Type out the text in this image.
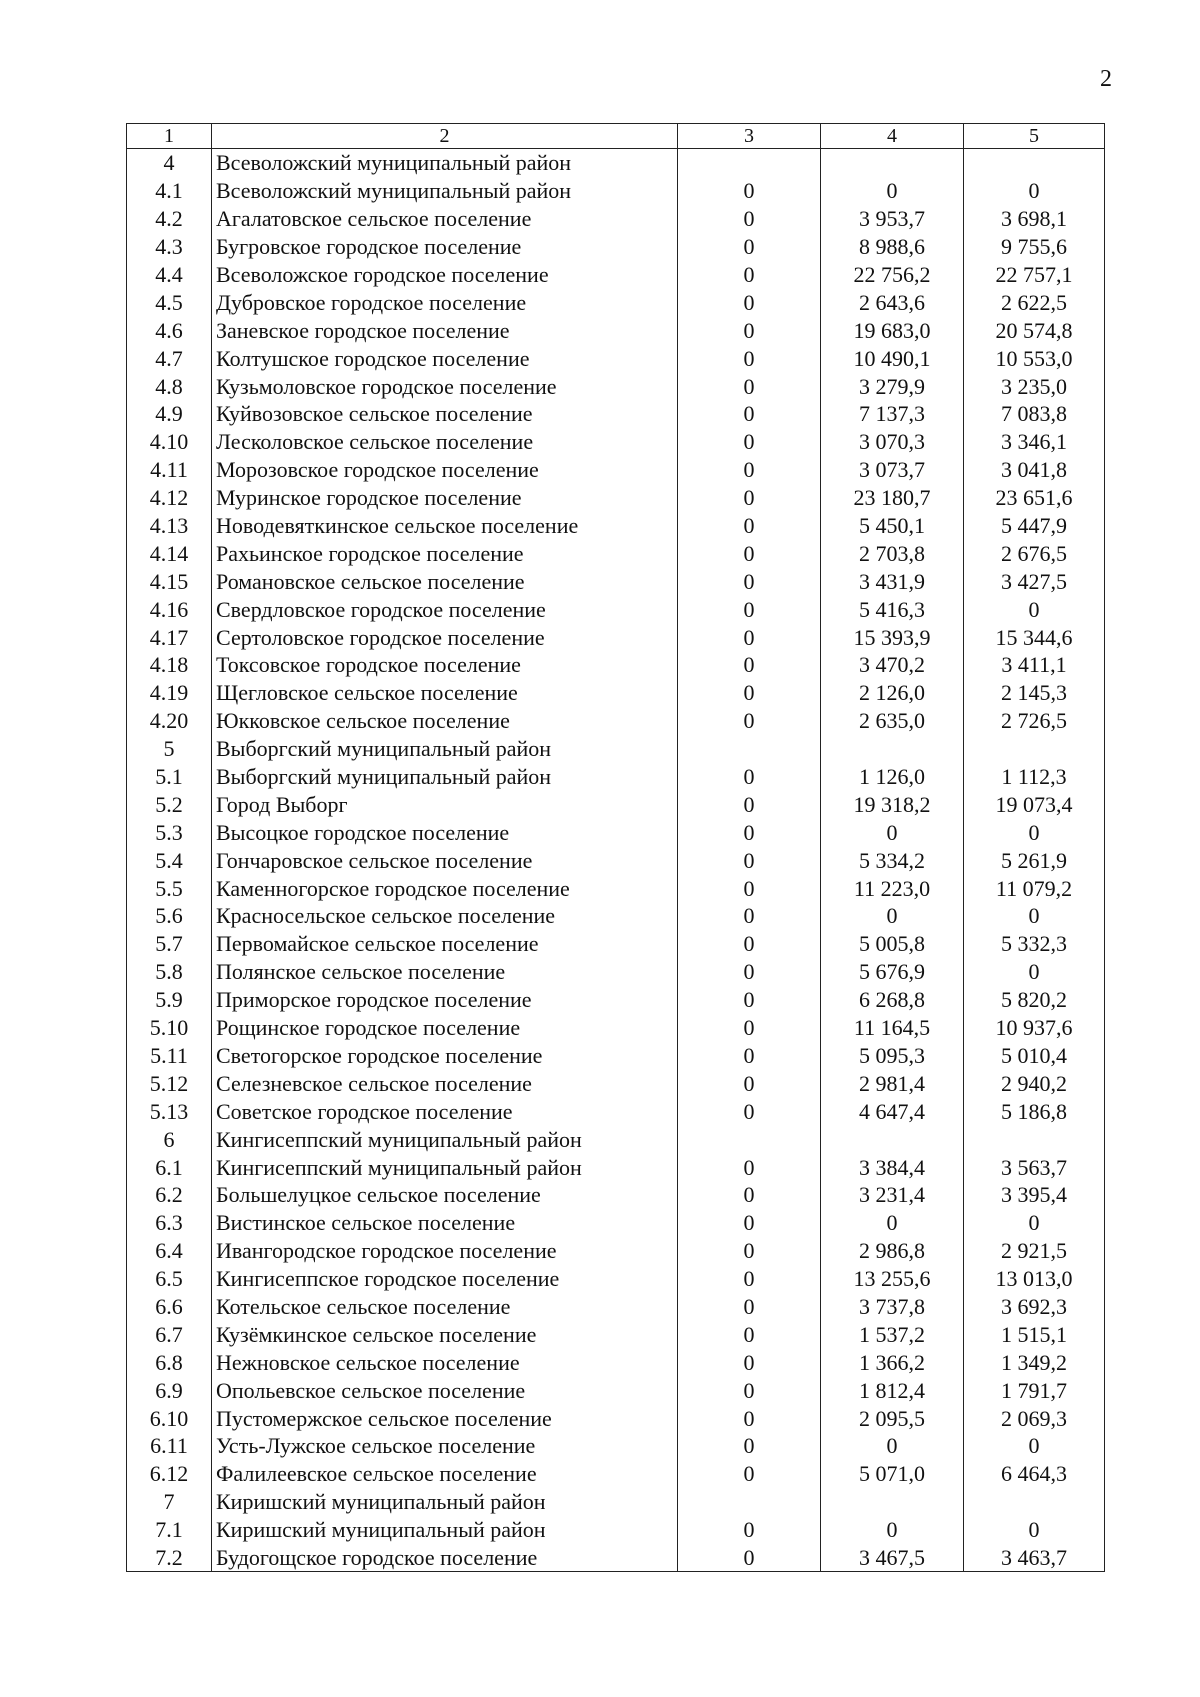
2
1	2	3	4	5
4	Всеволожский муниципальный район			
4.1	Всеволожский муниципальный район	0	0	0
4.2	Агалатовское сельское поселение	0	3 953,7	3 698,1
4.3	Бугровское городское поселение	0	8 988,6	9 755,6
4.4	Всеволожское городское поселение	0	22 756,2	22 757,1
4.5	Дубровское городское поселение	0	2 643,6	2 622,5
4.6	Заневское городское поселение	0	19 683,0	20 574,8
4.7	Колтушское городское поселение	0	10 490,1	10 553,0
4.8	Кузьмоловское городское поселение	0	3 279,9	3 235,0
4.9	Куйвозовское сельское поселение	0	7 137,3	7 083,8
4.10	Лесколовское сельское поселение	0	3 070,3	3 346,1
4.11	Морозовское городское поселение	0	3 073,7	3 041,8
4.12	Муринское городское поселение	0	23 180,7	23 651,6
4.13	Новодевяткинское сельское поселение	0	5 450,1	5 447,9
4.14	Рахьинское городское поселение	0	2 703,8	2 676,5
4.15	Романовское сельское поселение	0	3 431,9	3 427,5
4.16	Свердловское городское поселение	0	5 416,3	0
4.17	Сертоловское городское поселение	0	15 393,9	15 344,6
4.18	Токсовское городское поселение	0	3 470,2	3 411,1
4.19	Щегловское сельское поселение	0	2 126,0	2 145,3
4.20	Юкковское сельское поселение	0	2 635,0	2 726,5
5	Выборгский муниципальный район			
5.1	Выборгский муниципальный район	0	1 126,0	1 112,3
5.2	Город Выборг	0	19 318,2	19 073,4
5.3	Высоцкое городское поселение	0	0	0
5.4	Гончаровское сельское поселение	0	5 334,2	5 261,9
5.5	Каменногорское городское поселение	0	11 223,0	11 079,2
5.6	Красносельское сельское поселение	0	0	0
5.7	Первомайское сельское поселение	0	5 005,8	5 332,3
5.8	Полянское сельское поселение	0	5 676,9	0
5.9	Приморское городское поселение	0	6 268,8	5 820,2
5.10	Рощинское городское поселение	0	11 164,5	10 937,6
5.11	Светогорское городское поселение	0	5 095,3	5 010,4
5.12	Селезневское сельское поселение	0	2 981,4	2 940,2
5.13	Советское городское поселение	0	4 647,4	5 186,8
6	Кингисеппский муниципальный район			
6.1	Кингисеппский муниципальный район	0	3 384,4	3 563,7
6.2	Большелуцкое сельское поселение	0	3 231,4	3 395,4
6.3	Вистинское сельское поселение	0	0	0
6.4	Ивангородское городское поселение	0	2 986,8	2 921,5
6.5	Кингисеппское городское поселение	0	13 255,6	13 013,0
6.6	Котельское сельское поселение	0	3 737,8	3 692,3
6.7	Кузёмкинское сельское поселение	0	1 537,2	1 515,1
6.8	Нежновское сельское поселение	0	1 366,2	1 349,2
6.9	Опольевское сельское поселение	0	1 812,4	1 791,7
6.10	Пустомержское сельское поселение	0	2 095,5	2 069,3
6.11	Усть-Лужское сельское поселение	0	0	0
6.12	Фалилеевское сельское поселение	0	5 071,0	6 464,3
7	Киришский муниципальный район			
7.1	Киришский муниципальный район	0	0	0
7.2	Будогощское городское поселение	0	3 467,5	3 463,7
